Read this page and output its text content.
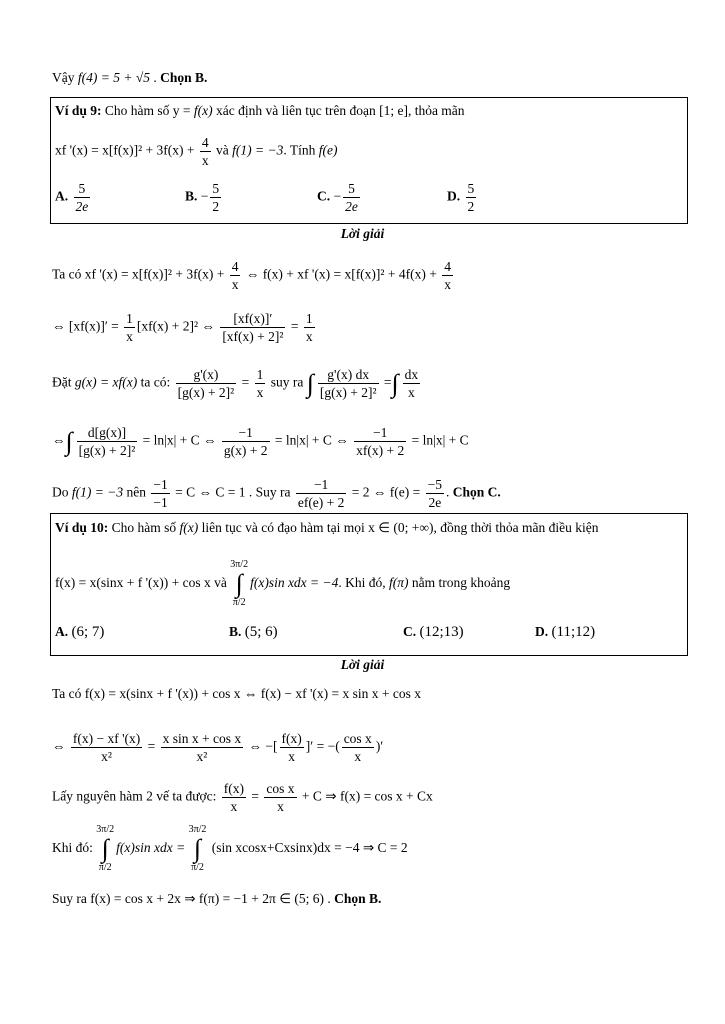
Vậy f(4) = 5 + √5 . Chọn B.
Ví dụ 9: Cho hàm số y = f(x) xác định và liên tục trên đoạn [1; e], thỏa mãn
xf '$(x) = x[f(x)]^2 + 3f(x) + \frac{4}{x}$ và f(1) = −3. Tính f(e)
A. $\frac{5}{2e}$	B. − $\frac{5}{2}$	C. − $\frac{5}{2e}$	D. $\frac{5}{2}$
Lời giải
Ta có xf '$(x) = x[f(x)]^2 + 3f(x) + \frac{4}{x}$ ⇔ f(x) + xf '$(x) = x[f(x)]^2 + 4f(x) + \frac{4}{x}$
⇔ $[xf(x)]' = \frac{1}{x} [xf(x) + 2]^2$ ⇔ $\frac{[xf(x)]'}{\text{[xf(x) + 2]²}} = \frac{1}{x}$
Đặt g(x) = xf(x) ta có: $\frac{g'(x)}{\text{[g(x) + 2]²}} = \frac{1}{x}$ suy ra ∫ $\frac{g'(x) dx}{\text{[g(x) + 2]²}}$ =∫ $\frac{dx}{x}$
⇔∫ $\frac{d[g(x)]}{\text{[g(x) + 2]²}} = \ln|x| + C$ ⇔ $\frac{-1}{g(x) + 2} = \ln|x| + C$ ⇔ $\frac{-1}{xf(x) + 2} = \ln|x| + C$
Do f(1) = −3 nên $\frac{-1}{-1} = C$ ⇔ C = 1 . Suy ra $\frac{-1}{ef(e) + 2} = 2$ ⇔ $f(e) = \frac{-5}{2e}$ . Chọn C.
Ví dụ 10: Cho hàm số f(x) liên tục và có đạo hàm tại mọi x ∈ (0; +∞), đồng thời thỏa mãn điều kiện
f(x) = x(sinx + f '(x)) + cos x và
3π/2
∫
π/2
f(x)sin xdx = −4. Khi đó, f(π) nằm trong khoảng
A. (6; 7)	B. (5; 6)	C. (12;13)	D. (11;12)
Lời giải
Ta có f(x) = x(sinx + f '(x)) + cos x ⇔ f(x) − xf '(x) = x sin x + cos x
⇔ $\frac{f(x) - xf '(x)}{\text{x²}} = \frac{\text{x sin x + cos x}}{\text{x²}}$ ⇔ −[ $\frac{f(x)}{x}$ ]′ = −( $\frac{\text{cos x}}{x}$ )′
Lấy nguyên hàm 2 vế ta được: $\frac{f(x)}{x} = \frac{\text{cos x}}{x} + C$ ⇒ f(x) = cos x + Cx
Khi đó:
3π/2
∫
π/2
f(x)sin xdx =
3π/2
∫
π/2
(sin xcosx+Cxsinx)dx = −4 ⇒ C = 2
Suy ra f(x) = cos x + 2x ⇒ f(π) = −1 + 2π ∈ (5; 6) . Chọn B.
